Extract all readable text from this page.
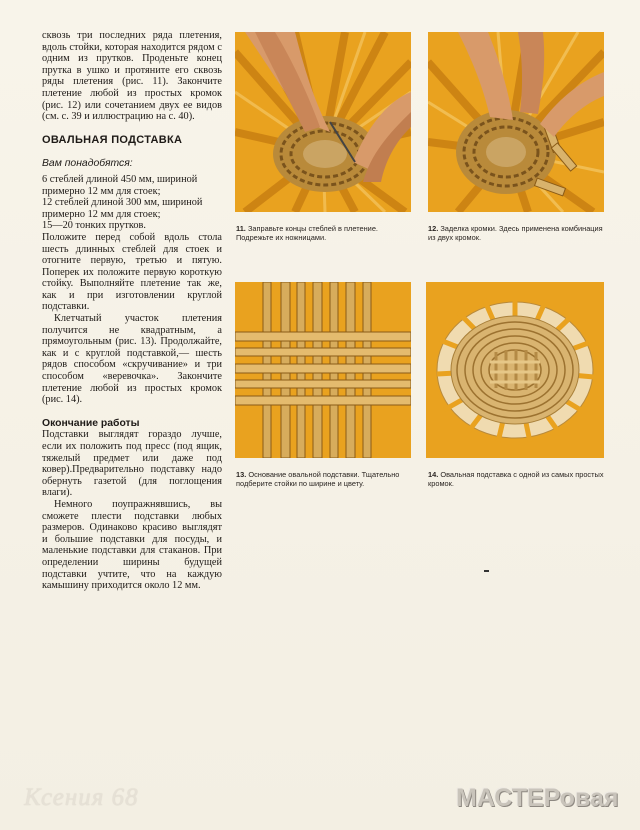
сквозь три последних ряда плетения, вдоль стойки, которая находится рядом с одним из прутков. Проденьте конец прутка в ушко и протяните его сквозь ряды плетения (рис. 11). Закончите плетение любой из простых кромок (рис. 12) или сочетанием двух ее видов (см. с. 39 и иллюстрацию на с. 40).

ОВАЛЬНАЯ ПОДСТАВКА

Вам понадобятся:

6 стеблей длиной 450 мм, шириной примерно 12 мм для стоек;

12 стеблей длиной 300 мм, шириной примерно 12 мм для стоек;

15—20 тонких прутков.

Положите перед собой вдоль стола шесть длинных стеблей для стоек и отогните первую, третью и пятую. Поперек их положите первую короткую стойку. Выполняйте плетение так же, как и при изготовлении круглой подставки.

Клетчатый участок плетения получится не квадратным, а прямоугольным (рис. 13). Продолжайте, как и с круглой подставкой,— шесть рядов способом «скручивание» и три способом «веревочка». Закончите плетение любой из простых кромок (рис. 14).

Окончание работы

Подставки выглядят гораздо лучше, если их положить под пресс (под ящик, тяжелый предмет или даже под ковер).Предварительно подставку надо обернуть газетой (для поглощения влаги).

Немного поупражнявшись, вы сможете плести подставки любых размеров. Одинаково красиво выглядят и большие подставки для посуды, и маленькие подставки для стаканов. При определении ширины будущей подставки учтите, что на каждую камышину приходится около 12 мм.

11. Заправьте концы стеблей в плетение. Подрежьте их ножницами.
12. Заделка кромки. Здесь применена комбинация из двух кромок.
13. Основание овальной подставки. Тщательно подберите стойки по ширине и цвету.
14. Овальная подставка с одной из самых простых кромок.
Ксения 68	МАСТЕРовая
